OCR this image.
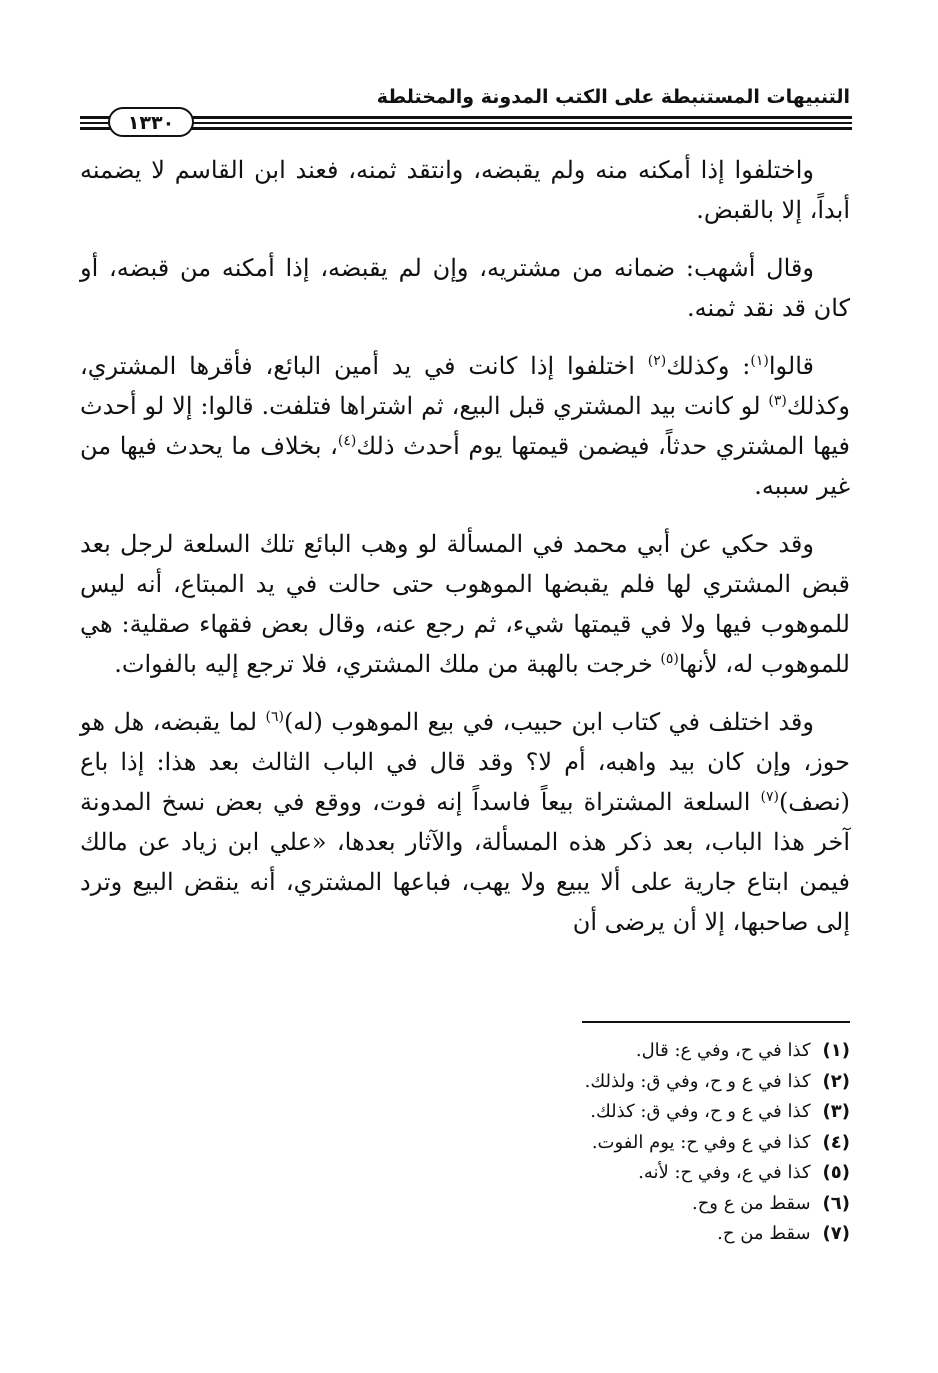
التنبيهات المستنبطة على الكتب المدونة والمختلطة
١٣٣٠

واختلفوا إذا أمكنه منه ولم يقبضه، وانتقد ثمنه، فعند ابن القاسم لا يضمنه أبداً، إلا بالقبض.

وقال أشهب: ضمانه من مشتريه، وإن لم يقبضه، إذا أمكنه من قبضه، أو كان قد نقد ثمنه.

قالوا$^{(١)}$: وكذلك$^{(٢)}$ اختلفوا إذا كانت في يد أمين البائع، فأقرها المشتري، وكذلك$^{(٣)}$ لو كانت بيد المشتري قبل البيع، ثم اشتراها فتلفت. قالوا: إلا لو أحدث فيها المشتري حدثاً، فيضمن قيمتها يوم أحدث ذلك$^{(٤)}$، بخلاف ما يحدث فيها من غير سببه.

وقد حكي عن أبي محمد في المسألة لو وهب البائع تلك السلعة لرجل بعد قبض المشتري لها فلم يقبضها الموهوب حتى حالت في يد المبتاع، أنه ليس للموهوب فيها ولا في قيمتها شيء، ثم رجع عنه، وقال بعض فقهاء صقلية: هي للموهوب له، لأنها$^{(٥)}$ خرجت بالهبة من ملك المشتري، فلا ترجع إليه بالفوات.

وقد اختلف في كتاب ابن حبيب، في بيع الموهوب (له)$^{(٦)}$ لما يقبضه، هل هو حوز، وإن كان بيد واهبه، أم لا؟ وقد قال في الباب الثالث بعد هذا: إذا باع (نصف)$^{(٧)}$ السلعة المشتراة بيعاً فاسداً إنه فوت، ووقع في بعض نسخ المدونة آخر هذا الباب، بعد ذكر هذه المسألة، والآثار بعدها، «علي ابن زياد عن مالك فيمن ابتاع جارية على ألا يبيع ولا يهب، فباعها المشتري، أنه ينقض البيع وترد إلى صاحبها، إلا أن يرضى أن

(١)كذا في ح، وفي ع: قال.
(٢)كذا في ع و ح، وفي ق: ولذلك.
(٣)كذا في ع و ح، وفي ق: كذلك.
(٤)كذا في ع وفي ح: يوم الفوت.
(٥)كذا في ع، وفي ح: لأنه.
(٦)سقط من ع وح.
(٧)سقط من ح.
